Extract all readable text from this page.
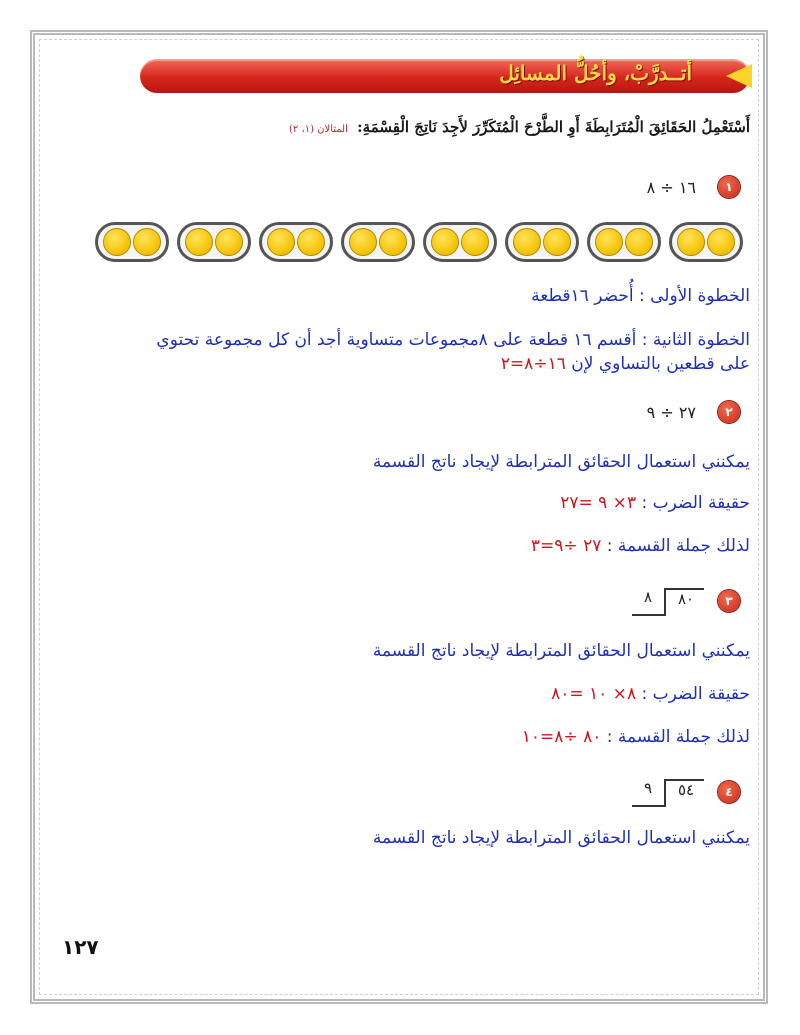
أتــدرَّبْ، وأحُلُّ المسائِل
أَسْتَعْمِلُ الحَقَائِقَ الْمُتَرَابِطَةَ أَوِ الطَّرْحَ الْمُتَكَرِّرَ لأَجِدَ نَاتِجَ الْقِسْمَةِ: المثالان (١، ٢)
١
١٦ ÷ ٨
الخطوة الأولى : أُحضر ١٦قطعة
الخطوة الثانية : أقسم ١٦ قطعة على ٨مجموعات متساوية أجد أن كل مجموعة تحتوي
على قطعين بالتساوي لإن ١٦÷٨=٢
٢
٢٧ ÷ ٩
يمكنني استعمال الحقائق المترابطة لإيجاد ناتج القسمة
حقيقة الضرب : ٣× ٩ =٢٧
لذلك جملة القسمة : ٢٧ ÷٩=٣
٣
٨	٨٠
يمكنني استعمال الحقائق المترابطة لإيجاد ناتج القسمة
حقيقة الضرب : ٨× ١٠ =٨٠
لذلك جملة القسمة : ٨٠ ÷٨=١٠
٤
٩	٥٤
يمكنني استعمال الحقائق المترابطة لإيجاد ناتج القسمة
١٢٧
